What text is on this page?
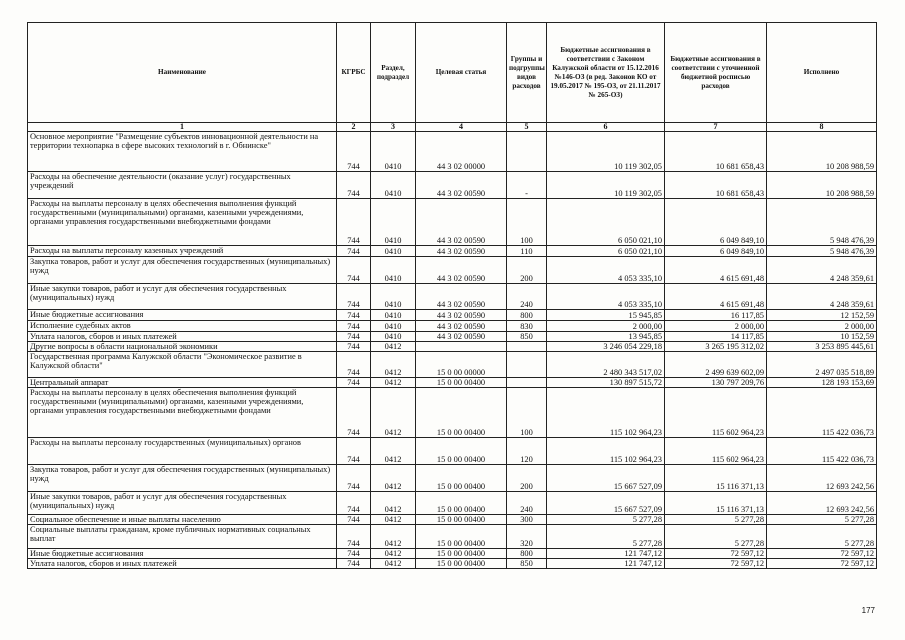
Наименование	КГРБС	Раздел, подраздел	Целевая статья	Группы и подгруппы видов расходов	Бюджетные ассигнования в соответствии с Законом Калужской области от 15.12.2016 №146-ОЗ (в ред. Законов КО от 19.05.2017 № 195-ОЗ, от 21.11.2017 № 265-ОЗ)	Бюджетные ассигнования в соответствии с уточненной бюджетной росписью расходов	Исполнено
1	2	3	4	5	6	7	8
Основное мероприятие "Размещение субъектов инновационной деятельности на территории технопарка в сфере высоких технологий в г. Обнинске"	744	0410	44 3 02 00000		10 119 302,05	10 681 658,43	10 208 988,59
Расходы на обеспечение деятельности (оказание услуг) государственных учреждений	744	0410	44 3 02 00590	-	10 119 302,05	10 681 658,43	10 208 988,59
Расходы на выплаты персоналу в целях обеспечения выполнения функций государственными (муниципальными) органами, казенными учреждениями, органами управления государственными внебюджетными фондами	744	0410	44 3 02 00590	100	6 050 021,10	6 049 849,10	5 948 476,39
Расходы на выплаты персоналу казенных учреждений	744	0410	44 3 02 00590	110	6 050 021,10	6 049 849,10	5 948 476,39
Закупка товаров, работ и услуг для обеспечения государственных (муниципальных) нужд	744	0410	44 3 02 00590	200	4 053 335,10	4 615 691,48	4 248 359,61
Иные закупки товаров, работ и услуг для обеспечения государственных (муниципальных) нужд	744	0410	44 3 02 00590	240	4 053 335,10	4 615 691,48	4 248 359,61
Иные бюджетные ассигнования	744	0410	44 3 02 00590	800	15 945,85	16 117,85	12 152,59
Исполнение судебных актов	744	0410	44 3 02 00590	830	2 000,00	2 000,00	2 000,00
Уплата налогов, сборов и иных платежей	744	0410	44 3 02 00590	850	13 945,85	14 117,85	10 152,59
Другие вопросы в области национальной экономики	744	0412			3 246 054 229,18	3 265 195 312,02	3 253 895 445,61
Государственная программа Калужской области "Экономическое развитие в Калужской области"	744	0412	15 0 00 00000		2 480 343 517,02	2 499 639 602,09	2 497 035 518,89
Центральный аппарат	744	0412	15 0 00 00400		130 897 515,72	130 797 209,76	128 193 153,69
Расходы на выплаты персоналу в целях обеспечения выполнения функций государственными (муниципальными) органами, казенными учреждениями, органами управления государственными внебюджетными фондами	744	0412	15 0 00 00400	100	115 102 964,23	115 602 964,23	115 422 036,73
Расходы на выплаты персоналу государственных (муниципальных) органов	744	0412	15 0 00 00400	120	115 102 964,23	115 602 964,23	115 422 036,73
Закупка товаров, работ и услуг для обеспечения государственных (муниципальных) нужд	744	0412	15 0 00 00400	200	15 667 527,09	15 116 371,13	12 693 242,56
Иные закупки товаров, работ и услуг для обеспечения государственных (муниципальных) нужд	744	0412	15 0 00 00400	240	15 667 527,09	15 116 371,13	12 693 242,56
Социальное обеспечение и иные выплаты населению	744	0412	15 0 00 00400	300	5 277,28	5 277,28	5 277,28
Социальные выплаты гражданам, кроме публичных нормативных социальных выплат	744	0412	15 0 00 00400	320	5 277,28	5 277,28	5 277,28
Иные бюджетные ассигнования	744	0412	15 0 00 00400	800	121 747,12	72 597,12	72 597,12
Уплата налогов, сборов и иных платежей	744	0412	15 0 00 00400	850	121 747,12	72 597,12	72 597,12
177
